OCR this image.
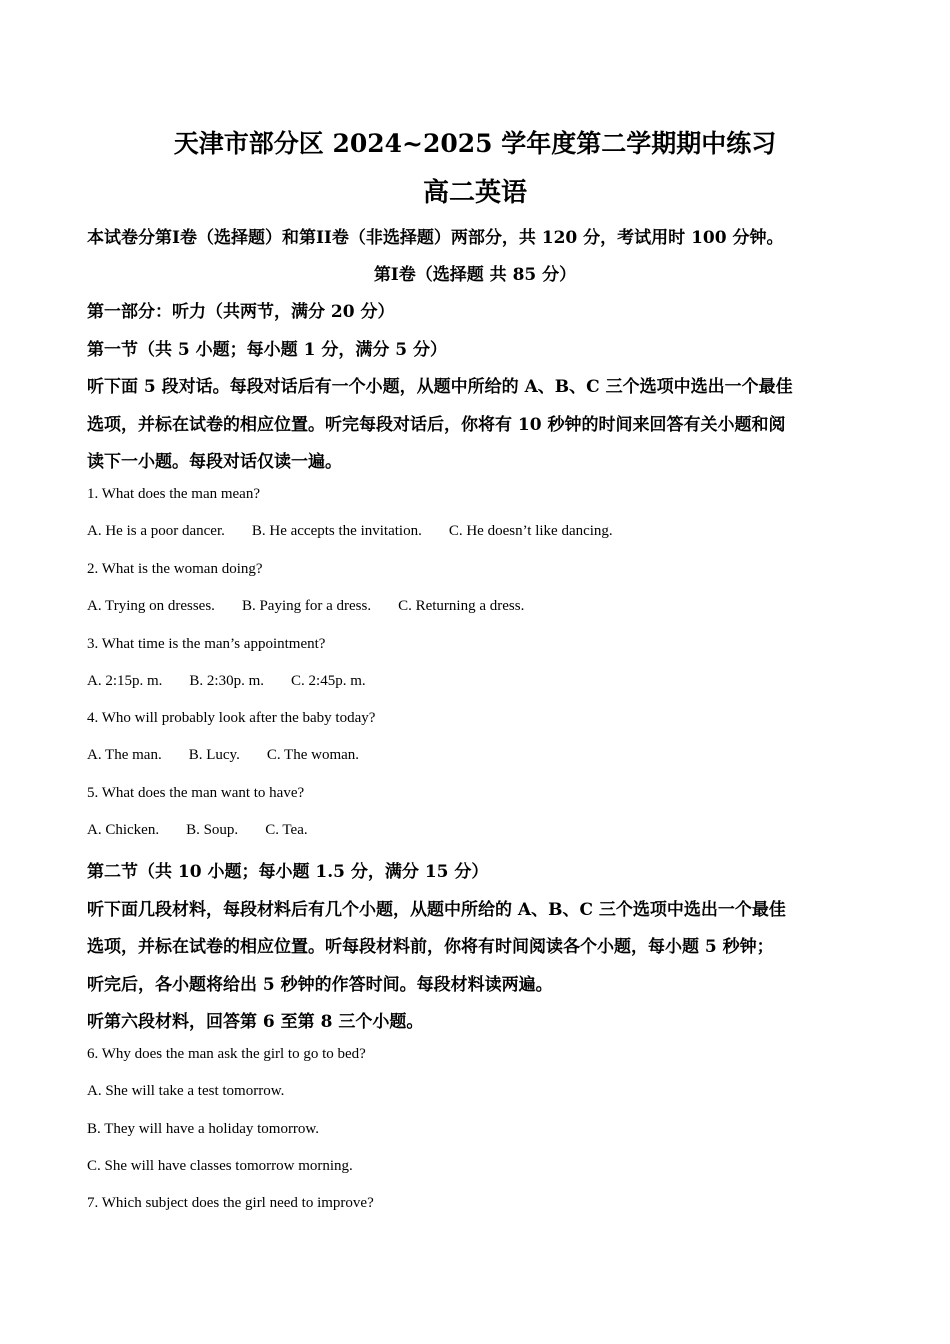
天津市部分区 2024~2025 学年度第二学期期中练习
高二英语
本试卷分第I卷（选择题）和第II卷（非选择题）两部分，共 120 分，考试用时 100 分钟。
第I卷（选择题 共 85 分）
第一部分：听力（共两节，满分 20 分）
第一节（共 5 小题；每小题 1 分，满分 5 分）
听下面 5 段对话。每段对话后有一个小题，从题中所给的 A、B、C 三个选项中选出一个最佳
选项，并标在试卷的相应位置。听完每段对话后，你将有 10 秒钟的时间来回答有关小题和阅
读下一小题。每段对话仅读一遍。
1. What does the man mean?
A. He is a poor dancer. B. He accepts the invitation. C. He doesn’t like dancing.
2. What is the woman doing?
A. Trying on dresses. B. Paying for a dress. C. Returning a dress.
3. What time is the man’s appointment?
A. 2:15p. m. B. 2:30p. m. C. 2:45p. m.
4. Who will probably look after the baby today?
A. The man. B. Lucy. C. The woman.
5. What does the man want to have?
A. Chicken. B. Soup. C. Tea.
第二节（共 10 小题；每小题 1.5 分，满分 15 分）
听下面几段材料，每段材料后有几个小题，从题中所给的 A、B、C 三个选项中选出一个最佳
选项，并标在试卷的相应位置。听每段材料前，你将有时间阅读各个小题，每小题 5 秒钟；
听完后，各小题将给出 5 秒钟的作答时间。每段材料读两遍。
听第六段材料，回答第 6 至第 8 三个小题。
6. Why does the man ask the girl to go to bed?
A. She will take a test tomorrow.
B. They will have a holiday tomorrow.
C. She will have classes tomorrow morning.
7. Which subject does the girl need to improve?
